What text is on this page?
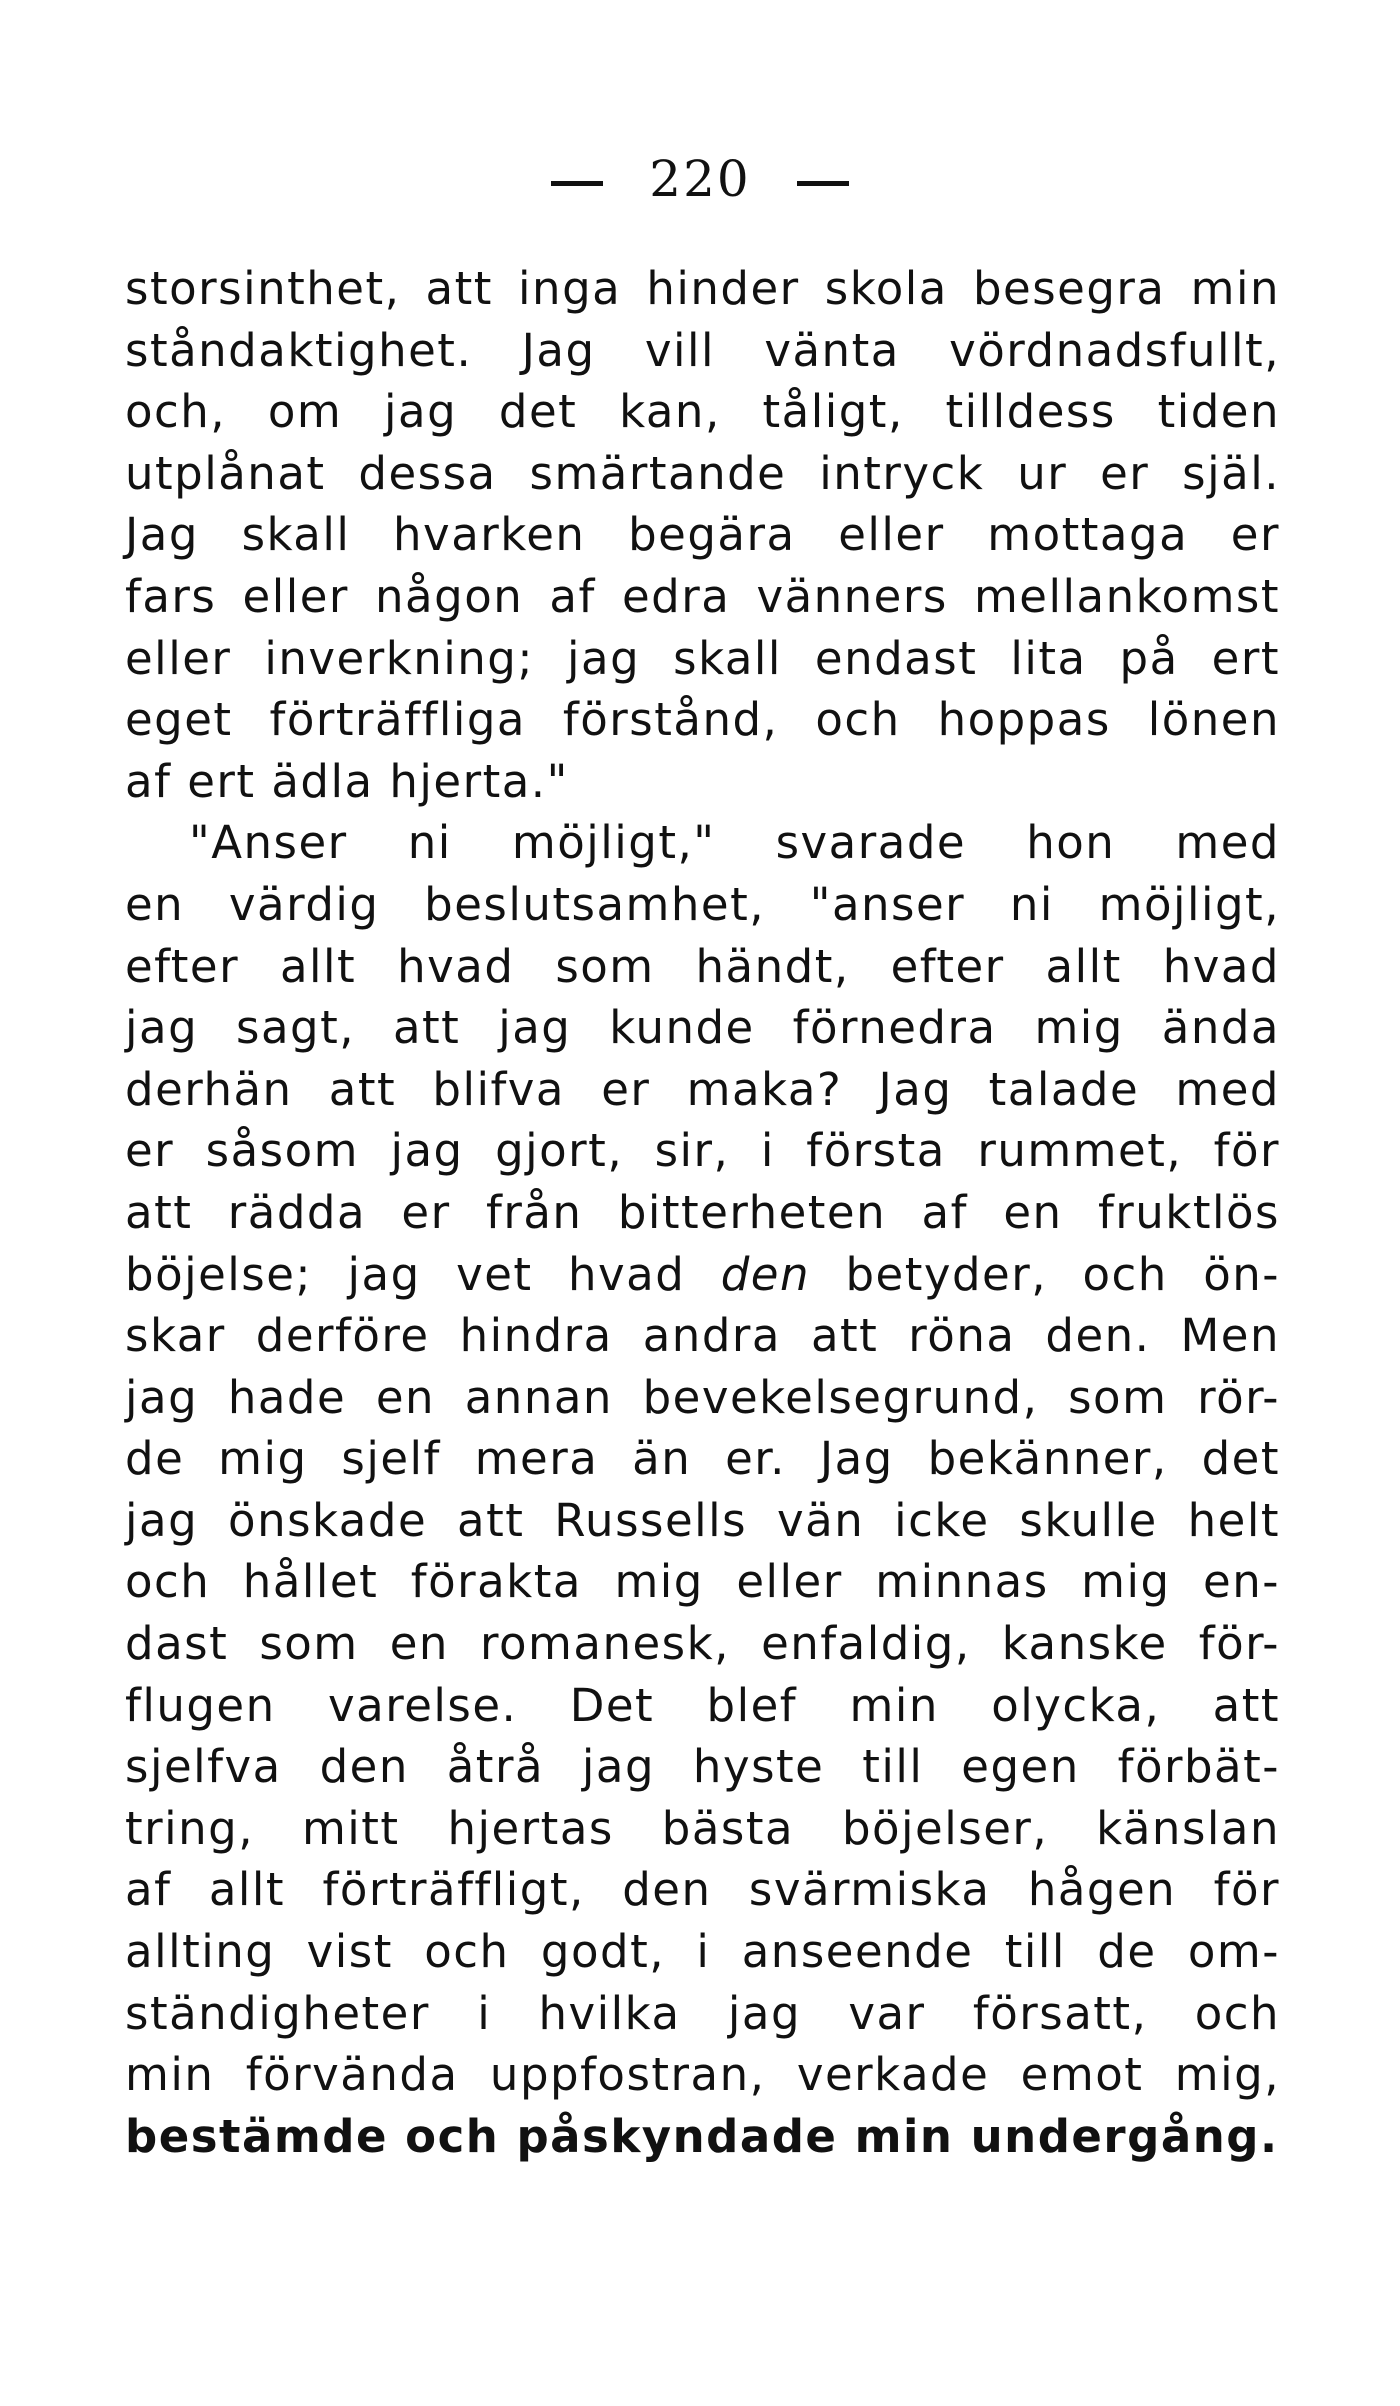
220
storsinthet, att inga hinder skola besegra min
ståndaktighet. Jag vill vänta vördnadsfullt,
och, om jag det kan, tåligt, tilldess tiden
utplånat dessa smärtande intryck ur er själ.
Jag skall hvarken begära eller mottaga er
fars eller någon af edra vänners mellankomst
eller inverkning; jag skall endast lita på ert
eget förträffliga förstånd, och hoppas lönen
af ert ädla hjerta."
"Anser ni möjligt," svarade hon med
en värdig beslutsamhet, "anser ni möjligt,
efter allt hvad som händt, efter allt hvad
jag sagt, att jag kunde förnedra mig ända
derhän att blifva er maka? Jag talade med
er såsom jag gjort, sir, i första rummet, för
att rädda er från bitterheten af en fruktlös
böjelse; jag vet hvad den betyder, och ön-
skar derföre hindra andra att röna den. Men
jag hade en annan bevekelsegrund, som rör-
de mig sjelf mera än er. Jag bekänner, det
jag önskade att Russells vän icke skulle helt
och hållet förakta mig eller minnas mig en-
dast som en romanesk, enfaldig, kanske för-
flugen varelse. Det blef min olycka, att
sjelfva den åtrå jag hyste till egen förbät-
tring, mitt hjertas bästa böjelser, känslan
af allt förträffligt, den svärmiska hågen för
allting vist och godt, i anseende till de om-
ständigheter i hvilka jag var försatt, och
min förvända uppfostran, verkade emot mig,
bestämde och påskyndade min undergång.
